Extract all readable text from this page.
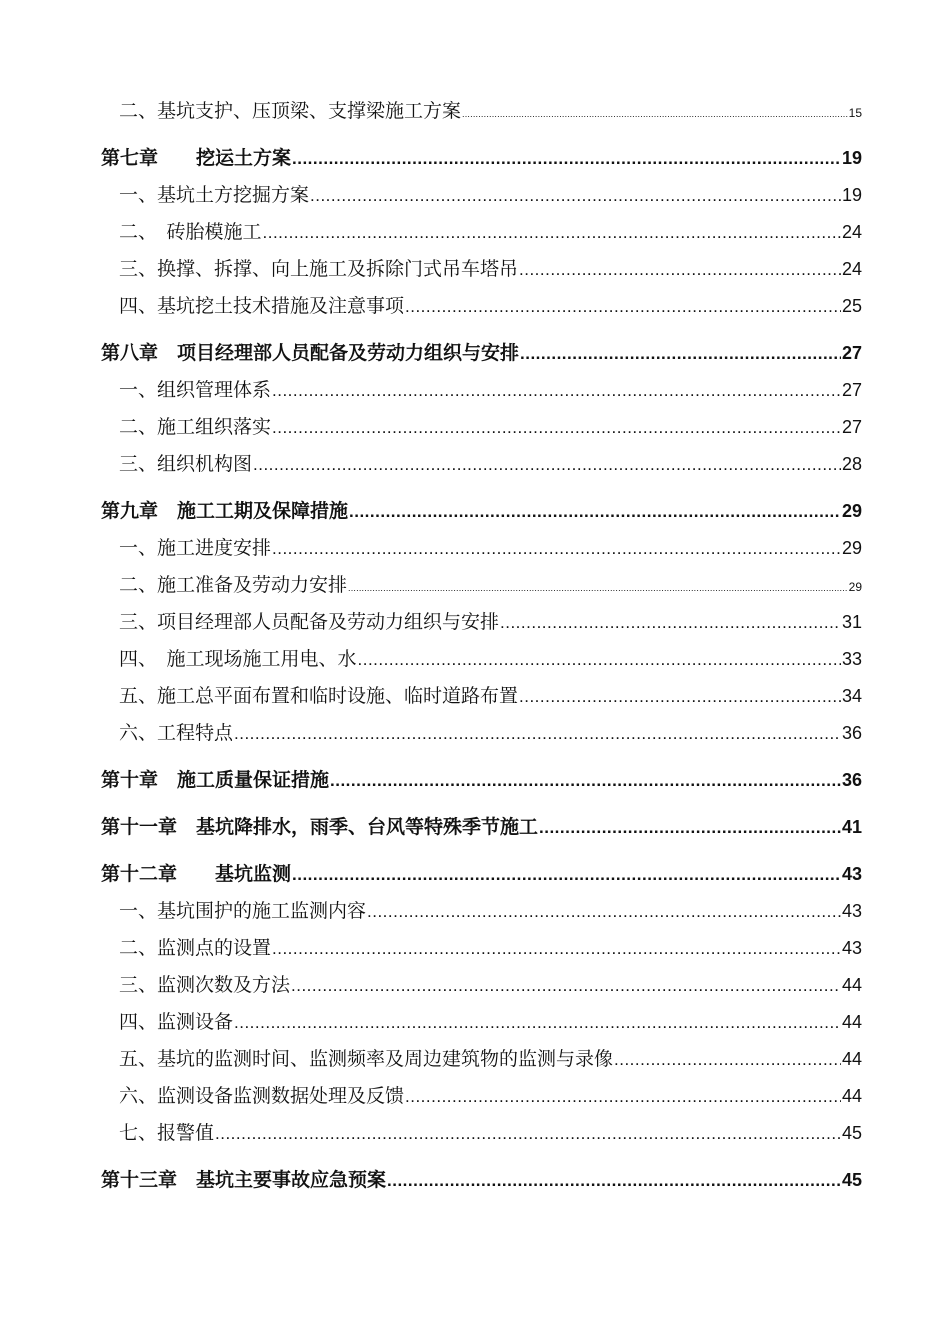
二、基坑支护、压顶梁、支撑梁施工方案 .....	15
第七章　　挖运土方案 .....	19
一、基坑土方挖掘方案 .....	19
二、　砖胎模施工 .....	24
三、换撑、拆撑、向上施工及拆除门式吊车塔吊 .....	24
四、基坑挖土技术措施及注意事项 .....	25
第八章　项目经理部人员配备及劳动力组织与安排 .....	27
一、组织管理体系 .....	27
二、施工组织落实 .....	27
三、组织机构图 .....	28
第九章　施工工期及保障措施 .....	29
一、施工进度安排 .....	29
二、施工准备及劳动力安排 .....	29
三、项目经理部人员配备及劳动力组织与安排 .....	31
四、　施工现场施工用电、水 .....	33
五、施工总平面布置和临时设施、临时道路布置 .....	34
六、工程特点 .....	36
第十章　施工质量保证措施 .....	36
第十一章　基坑降排水，雨季、台风等特殊季节施工 .....	41
第十二章　　基坑监测 .....	43
一、基坑围护的施工监测内容 .....	43
二、监测点的设置 .....	43
三、监测次数及方法 .....	44
四、监测设备 .....	44
五、基坑的监测时间、监测频率及周边建筑物的监测与录像 .....	44
六、监测设备监测数据处理及反馈 .....	44
七、报警值 .....	45
第十三章　基坑主要事故应急预案 .....	45
